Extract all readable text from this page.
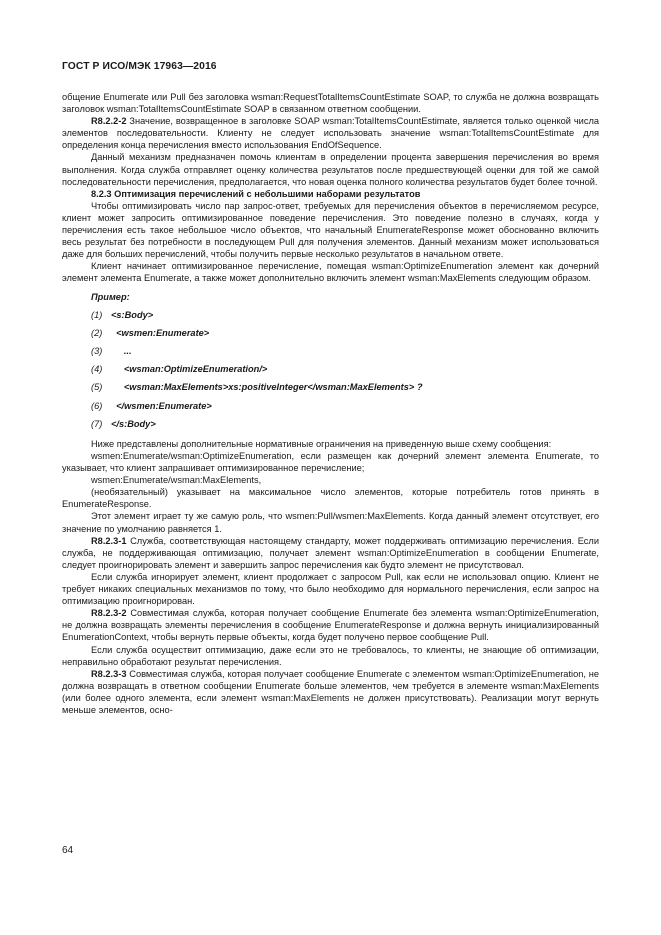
ГОСТ Р ИСО/МЭК 17963—2016

общение Enumerate или Pull без заголовка wsman:RequestTotalItemsCountEstimate SOAP, то служба не должна возвращать заголовок wsman:TotalItemsCountEstimate SOAP в связанном ответном сообщении.

R8.2.2-2 Значение, возвращенное в заголовке SOAP wsman:TotalItemsCountEstimate, является только оценкой числа элементов последовательности. Клиенту не следует использовать значение wsman:TotalItemsCountEstimate для определения конца перечисления вместо использования EndOfSequence.

Данный механизм предназначен помочь клиентам в определении процента завершения перечисления во время выполнения. Когда служба отправляет оценку количества результатов после предшествующей оценки для той же самой последовательности перечисления, предполагается, что новая оценка полного количества результатов будет более точной.

8.2.3 Оптимизация перечислений с небольшими наборами результатов

Чтобы оптимизировать число пар запрос-ответ, требуемых для перечисления объектов в перечисляемом ресурсе, клиент может запросить оптимизированное поведение перечисления. Это поведение полезно в случаях, когда у перечисления есть такое небольшое число объектов, что начальный EnumerateResponse может обоснованно включить весь результат без потребности в последующем Pull для получения элементов. Данный механизм может использоваться даже для больших перечислений, чтобы получить первые несколько результатов в начальном ответе.

Клиент начинает оптимизированное перечисление, помещая wsman:OptimizeEnumeration элемент как дочерний элемент элемента Enumerate, а также может дополнительно включить элемент wsman:MaxElements следующим образом.

Пример:

(1) <s:Body>
(2)  <wsmen:Enumerate>
(3)     ...
(4)     <wsman:OptimizeEnumeration/>
(5)     <wsman:MaxElements>xs:positiveInteger</wsman:MaxElements> ?
(6)  </wsmen:Enumerate>
(7) </s:Body>

Ниже представлены дополнительные нормативные ограничения на приведенную выше схему сообщения:

wsmen:Enumerate/wsman:OptimizeEnumeration, если размещен как дочерний элемент элемента Enumerate, то указывает, что клиент запрашивает оптимизированное перечисление;

wsmen:Enumerate/wsman:MaxElements,

(необязательный) указывает на максимальное число элементов, которые потребитель готов принять в EnumerateResponse.

Этот элемент играет ту же самую роль, что wsmen:Pull/wsmen:MaxElements. Когда данный элемент отсутствует, его значение по умолчанию равняется 1.

R8.2.3-1 Служба, соответствующая настоящему стандарту, может поддерживать оптимизацию перечисления. Если служба, не поддерживающая оптимизацию, получает элемент wsman:OptimizeEnumeration в сообщении Enumerate, следует проигнорировать элемент и завершить запрос перечисления как будто элемент не присутствовал.

Если служба игнорирует элемент, клиент продолжает с запросом Pull, как если не использовал опцию. Клиент не требует никаких специальных механизмов по тому, что было необходимо для нормального перечисления, если запрос на оптимизацию проигнорирован.

R8.2.3-2 Совместимая служба, которая получает сообщение Enumerate без элемента wsman:OptimizeEnumeration, не должна возвращать элементы перечисления в сообщение EnumerateResponse и должна вернуть инициализированный EnumerationContext, чтобы вернуть первые объекты, когда будет получено первое сообщение Pull.

Если служба осуществит оптимизацию, даже если это не требовалось, то клиенты, не знающие об оптимизации, неправильно обработают результат перечисления.

R8.2.3-3 Совместимая служба, которая получает сообщение Enumerate с элементом wsman:OptimizeEnumeration, не должна возвращать в ответном сообщении Enumerate больше элементов, чем требуется в элементе wsman:MaxElements (или более одного элемента, если элемент wsman:MaxElements не должен присутствовать). Реализации могут вернуть меньше элементов, осно-

64
